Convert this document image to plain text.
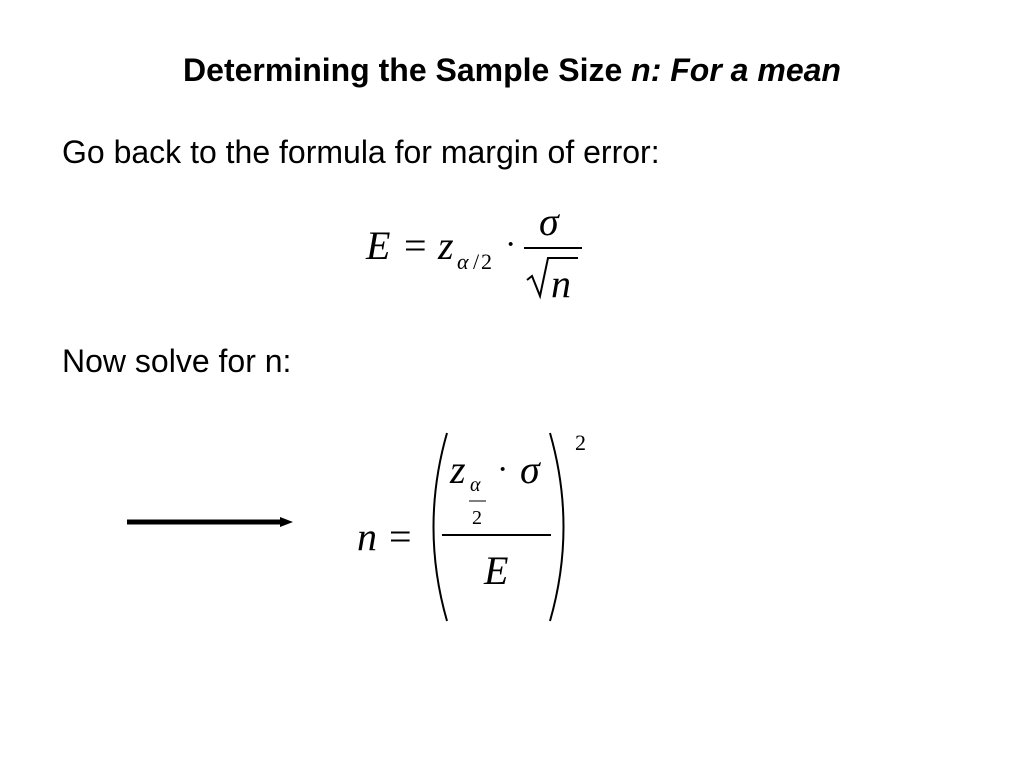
Determining the Sample Size n: For a mean
Go back to the formula for margin of error:
Now solve for n:
E = z α / 2 ·
σ
n
n =
z α
2
· σ
E
2
